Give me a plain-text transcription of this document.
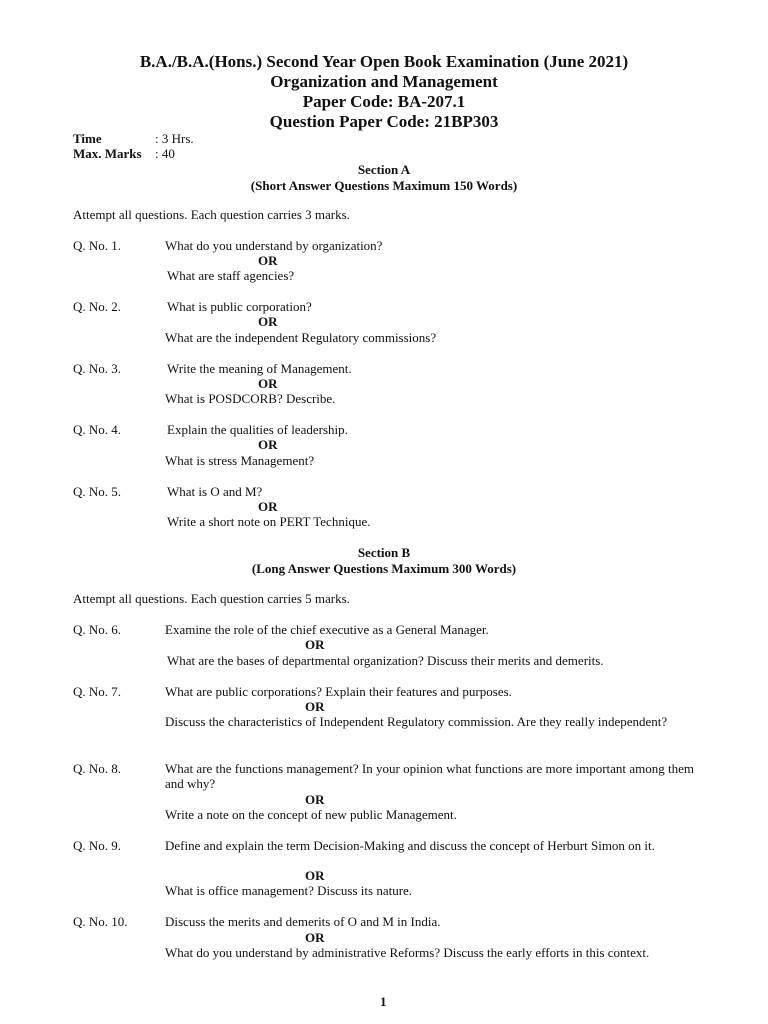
B.A./B.A.(Hons.) Second Year Open Book Examination (June 2021)
Organization and Management
Paper Code: BA-207.1
Question Paper Code: 21BP303
Time	: 3 Hrs.
Max. Marks : 40
Section A
(Short Answer Questions Maximum 150 Words)
Attempt all questions. Each question carries 3 marks.
Q. No. 1.	What do you understand by organization?
OR
What are staff agencies?
Q. No. 2.	What is public corporation?
OR
What are the independent Regulatory commissions?
Q. No. 3.	Write the meaning of Management.
OR
What is POSDCORB? Describe.
Q. No. 4.	Explain the qualities of leadership.
OR
What is stress Management?
Q. No. 5.	What is O and M?
OR
Write a short note on PERT Technique.
Section B
(Long Answer Questions Maximum 300 Words)
Attempt all questions. Each question carries 5 marks.
Q. No. 6.	Examine the role of the chief executive as a General Manager.
OR
What are the bases of departmental organization? Discuss their merits and demerits.
Q. No. 7.	What are public corporations? Explain their features and purposes.
OR
Discuss the characteristics of Independent Regulatory commission. Are they really independent?
Q. No. 8.	What are the functions management? In your opinion what functions are more important among them and why?
OR
Write a note on the concept of new public Management.
Q. No. 9.	Define and explain the term Decision-Making and discuss the concept of Herburt Simon on it.
OR
What is office management? Discuss its nature.
Q. No. 10.	Discuss the merits and demerits of O and M in India.
OR
What do you understand by administrative Reforms? Discuss the early efforts in this context.
1
